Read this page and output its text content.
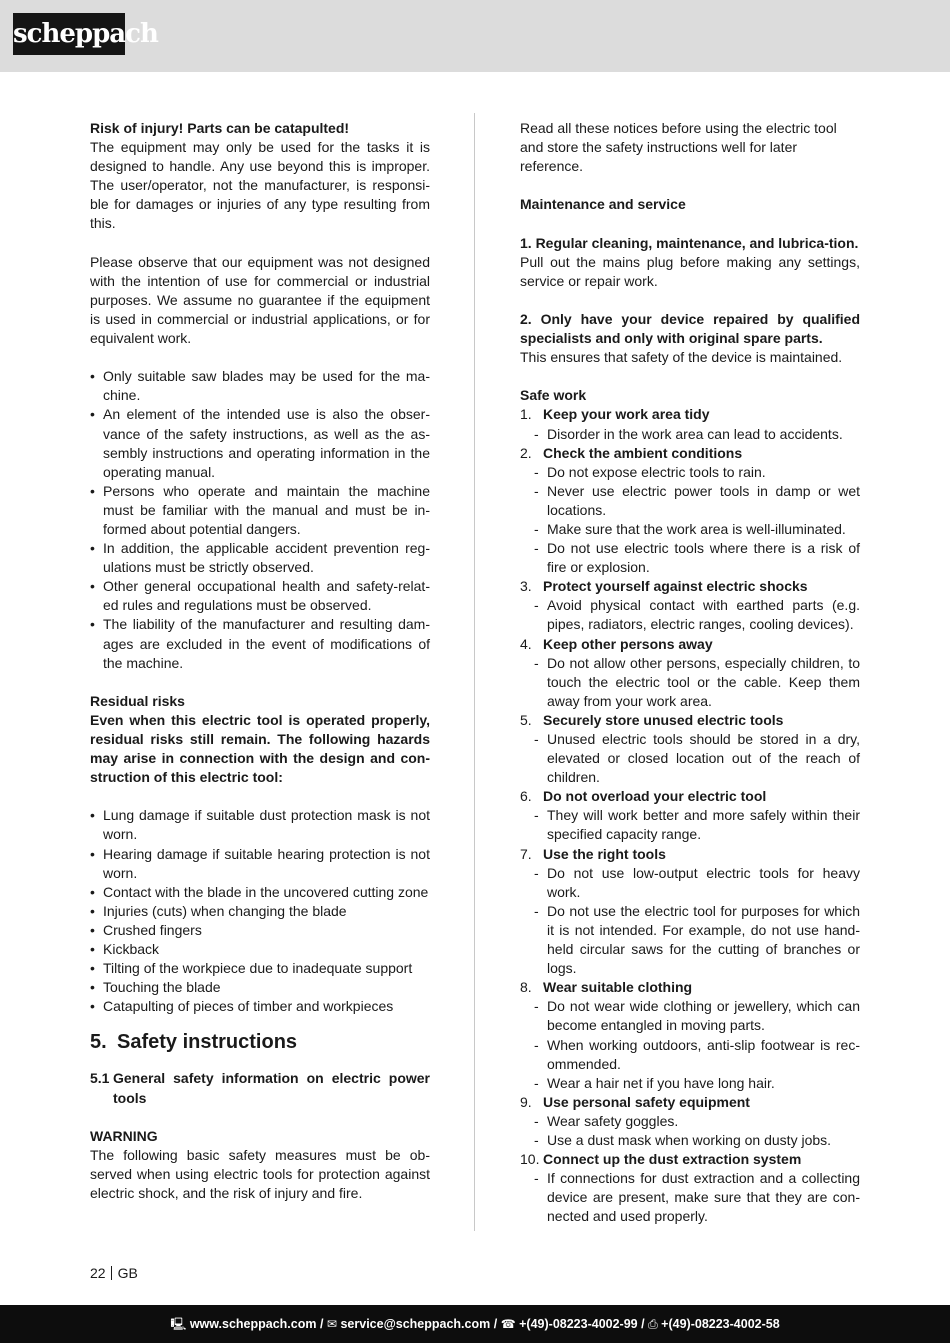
scheppach

Risk of injury! Parts can be catapulted!

The equipment may only be used for the tasks it is designed to handle. Any use beyond this is improper. The user/operator, not the manufacturer, is responsi-ble for damages or injuries of any type resulting from this.

Please observe that our equipment was not designed with the intention of use for commercial or industrial purposes. We assume no guarantee if the equipment is used in commercial or industrial applications, or for equivalent work.

• Only suitable saw blades may be used for the ma-chine.
• An element of the intended use is also the obser-vance of the safety instructions, as well as the as-sembly instructions and operating information in the operating manual.
• Persons who operate and maintain the machine must be familiar with the manual and must be in-formed about potential dangers.
• In addition, the applicable accident prevention reg-ulations must be strictly observed.
• Other general occupational health and safety-relat-ed rules and regulations must be observed.
• The liability of the manufacturer and resulting dam-ages are excluded in the event of modifications of the machine.

Residual risks

Even when this electric tool is operated properly, residual risks still remain. The following hazards may arise in connection with the design and con-struction of this electric tool:

• Lung damage if suitable dust protection mask is not worn.
• Hearing damage if suitable hearing protection is not worn.
• Contact with the blade in the uncovered cutting zone
• Injuries (cuts) when changing the blade
• Crushed fingers
• Kickback
• Tilting of the workpiece due to inadequate support
• Touching the blade
• Catapulting of pieces of timber and workpieces
5. Safety instructions
5.1 General safety information on electric power tools

WARNING

The following basic safety measures must be ob-served when using electric tools for protection against electric shock, and the risk of injury and fire.

Read all these notices before using the electric tool and store the safety instructions well for later reference.

Maintenance and service

1. Regular cleaning, maintenance, and lubrica-tion.

Pull out the mains plug before making any settings, service or repair work.

2. Only have your device repaired by qualified specialists and only with original spare parts.

This ensures that safety of the device is maintained.

Safe work

1. Keep your work area tidy
- Disorder in the work area can lead to accidents.
2. Check the ambient conditions
- Do not expose electric tools to rain.
- Never use electric power tools in damp or wet locations.
- Make sure that the work area is well-illuminated.
- Do not use electric tools where there is a risk of fire or explosion.
3. Protect yourself against electric shocks
- Avoid physical contact with earthed parts (e.g. pipes, radiators, electric ranges, cooling devices).
4. Keep other persons away
- Do not allow other persons, especially children, to touch the electric tool or the cable. Keep them away from your work area.
5. Securely store unused electric tools
- Unused electric tools should be stored in a dry, elevated or closed location out of the reach of children.
6. Do not overload your electric tool
- They will work better and more safely within their specified capacity range.
7. Use the right tools
- Do not use low-output electric tools for heavy work.
- Do not use the electric tool for purposes for which it is not intended. For example, do not use hand-held circular saws for the cutting of branches or logs.
8. Wear suitable clothing
- Do not wear wide clothing or jewellery, which can become entangled in moving parts.
- When working outdoors, anti-slip footwear is rec-ommended.
- Wear a hair net if you have long hair.
9. Use personal safety equipment
- Wear safety goggles.
- Use a dust mask when working on dusty jobs.
10. Connect up the dust extraction system
- If connections for dust extraction and a collecting device are present, make sure that they are con-nected and used properly.
22 GB
🖳︎ www.scheppach.com / ✉︎ service@scheppach.com / ☎︎ +(49)-08223-4002-99 / ⎙ +(49)-08223-4002-58
